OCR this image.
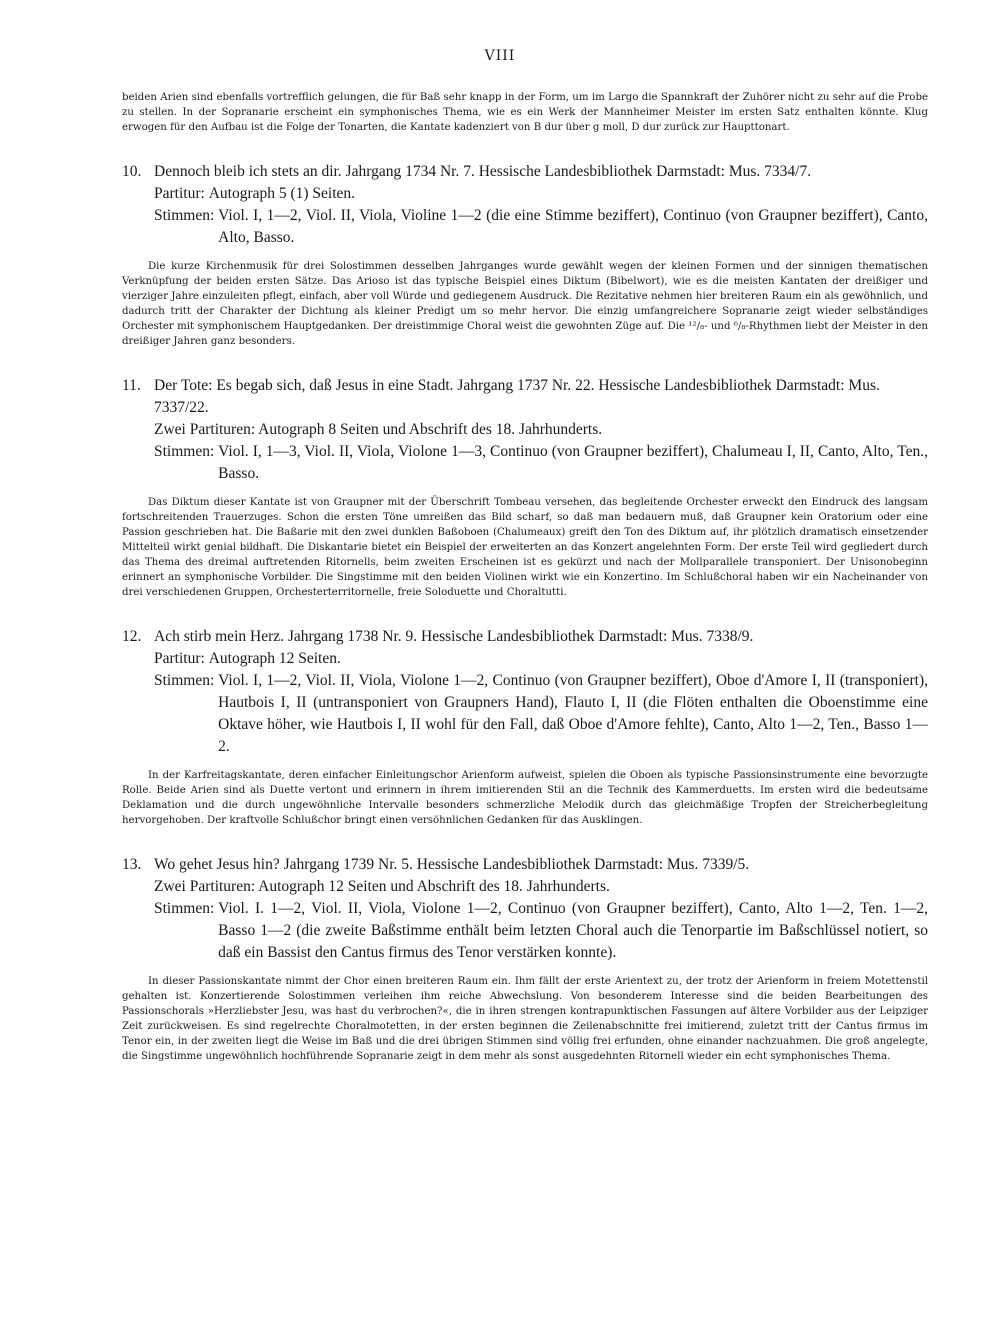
VIII

beiden Arien sind ebenfalls vortrefflich gelungen, die für Baß sehr knapp in der Form, um im Largo die Spannkraft der Zuhörer nicht zu sehr auf die Probe zu stellen. In der Sopranarie erscheint ein symphonisches Thema, wie es ein Werk der Mannheimer Meister im ersten Satz enthalten könnte. Klug erwogen für den Aufbau ist die Folge der Tonarten, die Kantate kadenziert von B dur über g moll, D dur zurück zur Haupttonart.

10. Dennoch bleib ich stets an dir. Jahrgang 1734 Nr. 7. Hessische Landesbibliothek Darmstadt: Mus. 7334/7.

Partitur: Autograph 5 (1) Seiten.
Stimmen: Viol. I, 1—2, Viol. II, Viola, Violine 1—2 (die eine Stimme beziffert), Continuo (von Graupner beziffert), Canto, Alto, Basso.

Die kurze Kirchenmusik für drei Solostimmen desselben Jahrganges wurde gewählt wegen der kleinen Formen und der sinnigen thematischen Verknüpfung der beiden ersten Sätze. Das Arioso ist das typische Beispiel eines Diktum (Bibelwort), wie es die meisten Kantaten der dreißiger und vierziger Jahre einzuleiten pflegt, einfach, aber voll Würde und gediegenem Ausdruck. Die Rezitative nehmen hier breiteren Raum ein als gewöhnlich, und dadurch tritt der Charakter der Dichtung als kleiner Predigt um so mehr hervor. Die einzig umfangreichere Sopranarie zeigt wieder selbständiges Orchester mit symphonischem Hauptgedanken. Der dreistimmige Choral weist die gewohnten Züge auf. Die ¹²/₈- und ⁶/₈-Rhythmen liebt der Meister in den dreißiger Jahren ganz besonders.

11. Der Tote: Es begab sich, daß Jesus in eine Stadt. Jahrgang 1737 Nr. 22. Hessische Landesbibliothek Darmstadt: Mus. 7337/22.

Zwei Partituren: Autograph 8 Seiten und Abschrift des 18. Jahrhunderts.
Stimmen: Viol. I, 1—3, Viol. II, Viola, Violone 1—3, Continuo (von Graupner beziffert), Chalumeau I, II, Canto, Alto, Ten., Basso.

Das Diktum dieser Kantate ist von Graupner mit der Überschrift Tombeau versehen, das begleitende Orchester erweckt den Eindruck des langsam fortschreitenden Trauerzuges. Schon die ersten Töne umreißen das Bild scharf, so daß man bedauern muß, daß Graupner kein Oratorium oder eine Passion geschrieben hat. Die Baßarie mit den zwei dunklen Baßoboen (Chalumeaux) greift den Ton des Diktum auf, ihr plötzlich dramatisch einsetzender Mittelteil wirkt genial bildhaft. Die Diskantarie bietet ein Beispiel der erweiterten an das Konzert angelehnten Form. Der erste Teil wird gegliedert durch das Thema des dreimal auftretenden Ritornells, beim zweiten Erscheinen ist es gekürzt und nach der Mollparallele transponiert. Der Unisonobeginn erinnert an symphonische Vorbilder. Die Singstimme mit den beiden Violinen wirkt wie ein Konzertino. Im Schlußchoral haben wir ein Nacheinander von drei verschiedenen Gruppen, Orchesterterritornelle, freie Soloduette und Choraltutti.

12. Ach stirb mein Herz. Jahrgang 1738 Nr. 9. Hessische Landesbibliothek Darmstadt: Mus. 7338/9.

Partitur: Autograph 12 Seiten.
Stimmen: Viol. I, 1—2, Viol. II, Viola, Violone 1—2, Continuo (von Graupner beziffert), Oboe d'Amore I, II (transponiert), Hautbois I, II (untransponiert von Graupners Hand), Flauto I, II (die Flöten enthalten die Oboenstimme eine Oktave höher, wie Hautbois I, II wohl für den Fall, daß Oboe d'Amore fehlte), Canto, Alto 1—2, Ten., Basso 1—2.

In der Karfreitagskantate, deren einfacher Einleitungschor Arienform aufweist, spielen die Oboen als typische Passionsinstrumente eine bevorzugte Rolle. Beide Arien sind als Duette vertont und erinnern in ihrem imitierenden Stil an die Technik des Kammerduetts. Im ersten wird die bedeutsame Deklamation und die durch ungewöhnliche Intervalle besonders schmerzliche Melodik durch das gleichmäßige Tropfen der Streicherbegleitung hervorgehoben. Der kraftvolle Schlußchor bringt einen versöhnlichen Gedanken für das Ausklingen.

13. Wo gehet Jesus hin? Jahrgang 1739 Nr. 5. Hessische Landesbibliothek Darmstadt: Mus. 7339/5.

Zwei Partituren: Autograph 12 Seiten und Abschrift des 18. Jahrhunderts.
Stimmen: Viol. I. 1—2, Viol. II, Viola, Violone 1—2, Continuo (von Graupner beziffert), Canto, Alto 1—2, Ten. 1—2, Basso 1—2 (die zweite Baßstimme enthält beim letzten Choral auch die Tenorpartie im Baßschlüssel notiert, so daß ein Bassist den Cantus firmus des Tenor verstärken konnte).

In dieser Passionskantate nimmt der Chor einen breiteren Raum ein. Ihm fällt der erste Arientext zu, der trotz der Arienform in freiem Motettenstil gehalten ist. Konzertierende Solostimmen verleihen ihm reiche Abwechslung. Von besonderem Interesse sind die beiden Bearbeitungen des Passionschorals »Herzliebster Jesu, was hast du verbrochen?«, die in ihren strengen kontrapunktischen Fassungen auf ältere Vorbilder aus der Leipziger Zeit zurückweisen. Es sind regelrechte Choralmotetten, in der ersten beginnen die Zeilenabschnitte frei imitierend, zuletzt tritt der Cantus firmus im Tenor ein, in der zweiten liegt die Weise im Baß und die drei übrigen Stimmen sind völlig frei erfunden, ohne einander nachzuahmen. Die groß angelegte, die Singstimme ungewöhnlich hochführende Sopranarie zeigt in dem mehr als sonst ausgedehnten Ritornell wieder ein echt symphonisches Thema.
